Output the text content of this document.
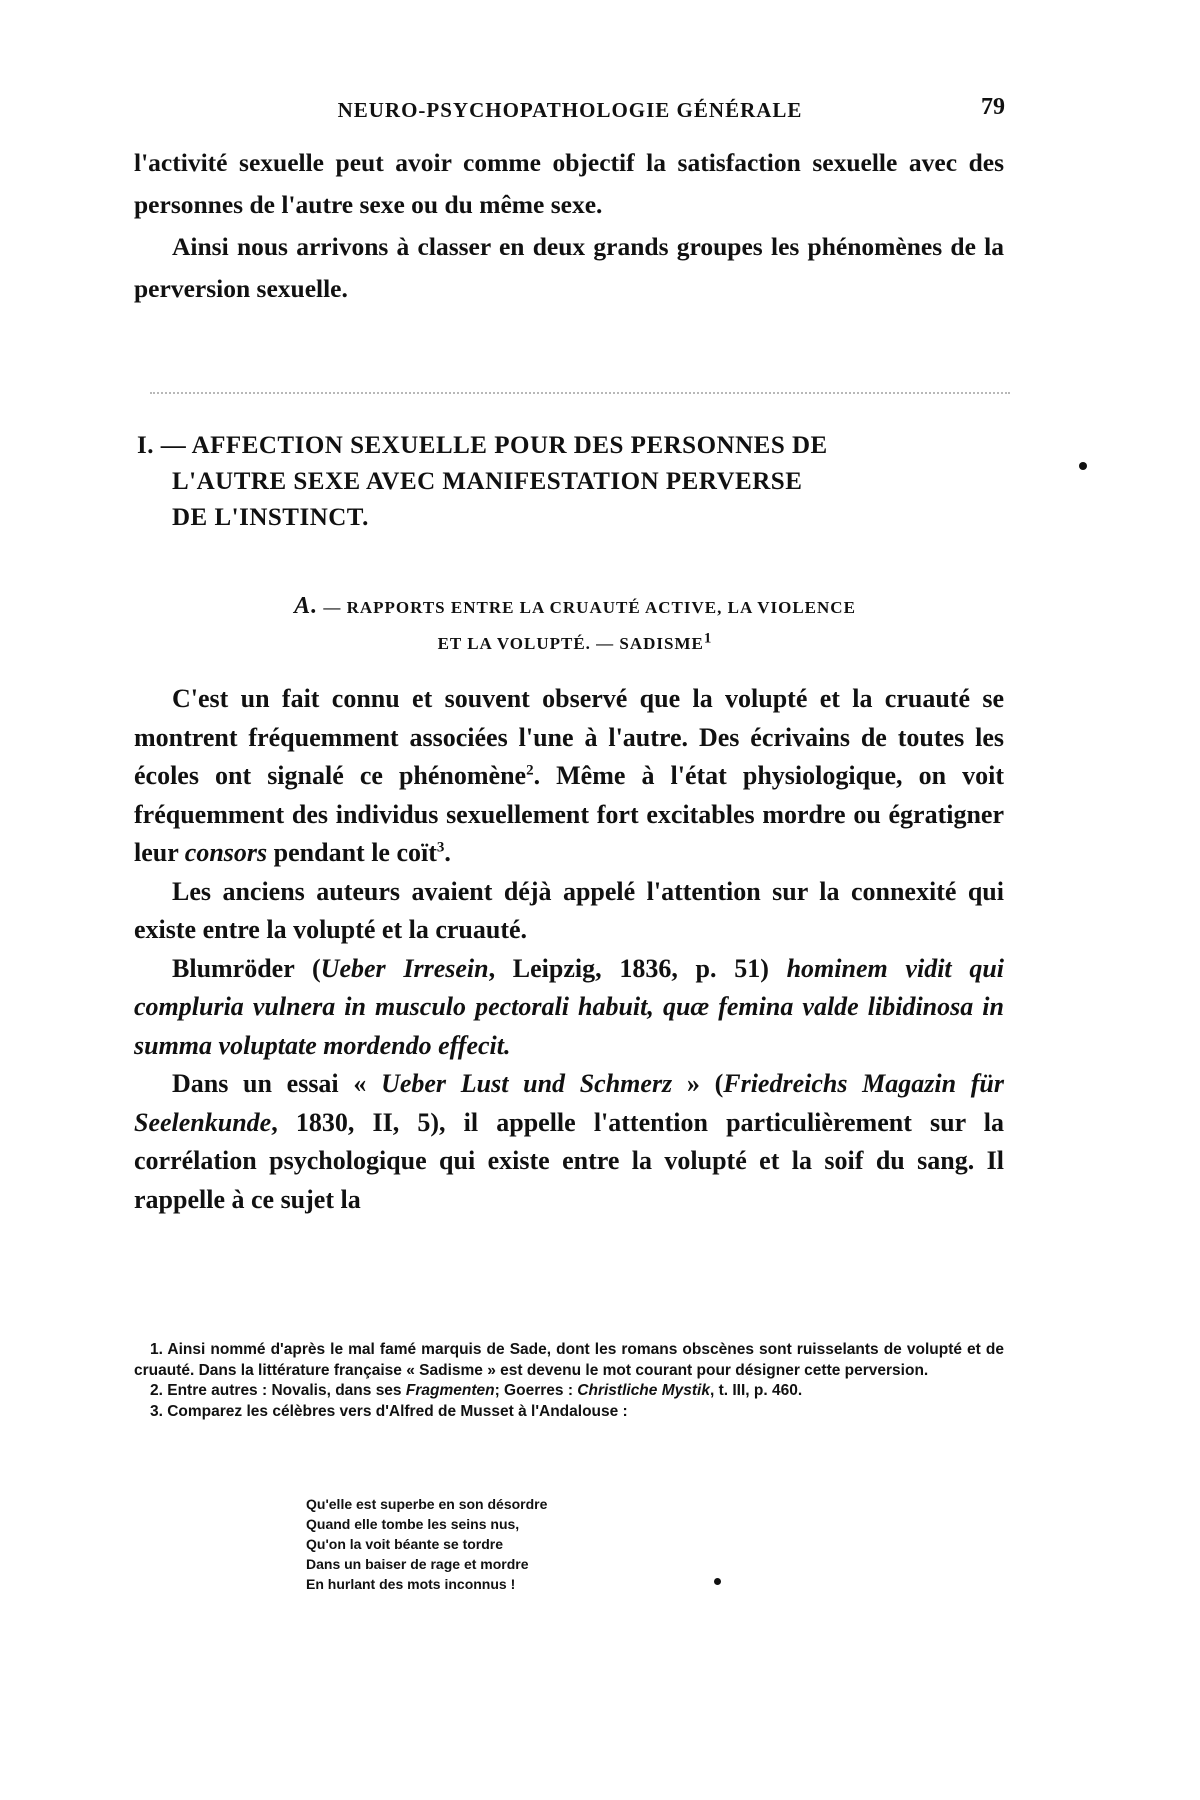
NEURO-PSYCHOPATHOLOGIE GÉNÉRALE	79

l'activité sexuelle peut avoir comme objectif la satisfaction sexuelle avec des personnes de l'autre sexe ou du même sexe.

Ainsi nous arrivons à classer en deux grands groupes les phénomènes de la perversion sexuelle.

I. — AFFECTION SEXUELLE POUR DES PERSONNES DE
L'AUTRE SEXE AVEC MANIFESTATION PERVERSE
DE L'INSTINCT.
A. — RAPPORTS ENTRE LA CRUAUTÉ ACTIVE, LA VIOLENCE
ET LA VOLUPTÉ. — SADISME$^1$

C'est un fait connu et souvent observé que la volupté et la cruauté se montrent fréquemment associées l'une à l'autre. Des écrivains de toutes les écoles ont signalé ce phénomène$^2$. Même à l'état physiologique, on voit fréquemment des individus sexuellement fort excitables mordre ou égratigner leur consors pendant le coït$^3$.

Les anciens auteurs avaient déjà appelé l'attention sur la connexité qui existe entre la volupté et la cruauté.

Blumröder (Ueber Irresein, Leipzig, 1836, p. 51) hominem vidit qui compluria vulnera in musculo pectorali habuit, quæ femina valde libidinosa in summa voluptate mordendo effecit.

Dans un essai « Ueber Lust und Schmerz » (Friedreichs Magazin für Seelenkunde, 1830, II, 5), il appelle l'attention particulièrement sur la corrélation psychologique qui existe entre la volupté et la soif du sang. Il rappelle à ce sujet la

1. Ainsi nommé d'après le mal famé marquis de Sade, dont les romans obscènes sont ruisselants de volupté et de cruauté. Dans la littérature française « Sadisme » est devenu le mot courant pour désigner cette perversion.

2. Entre autres : Novalis, dans ses Fragmenten; Goerres : Christliche Mystik, t. III, p. 460.

3. Comparez les célèbres vers d'Alfred de Musset à l'Andalouse :

Qu'elle est superbe en son désordre
Quand elle tombe les seins nus,
Qu'on la voit béante se tordre
Dans un baiser de rage et mordre
En hurlant des mots inconnus !
